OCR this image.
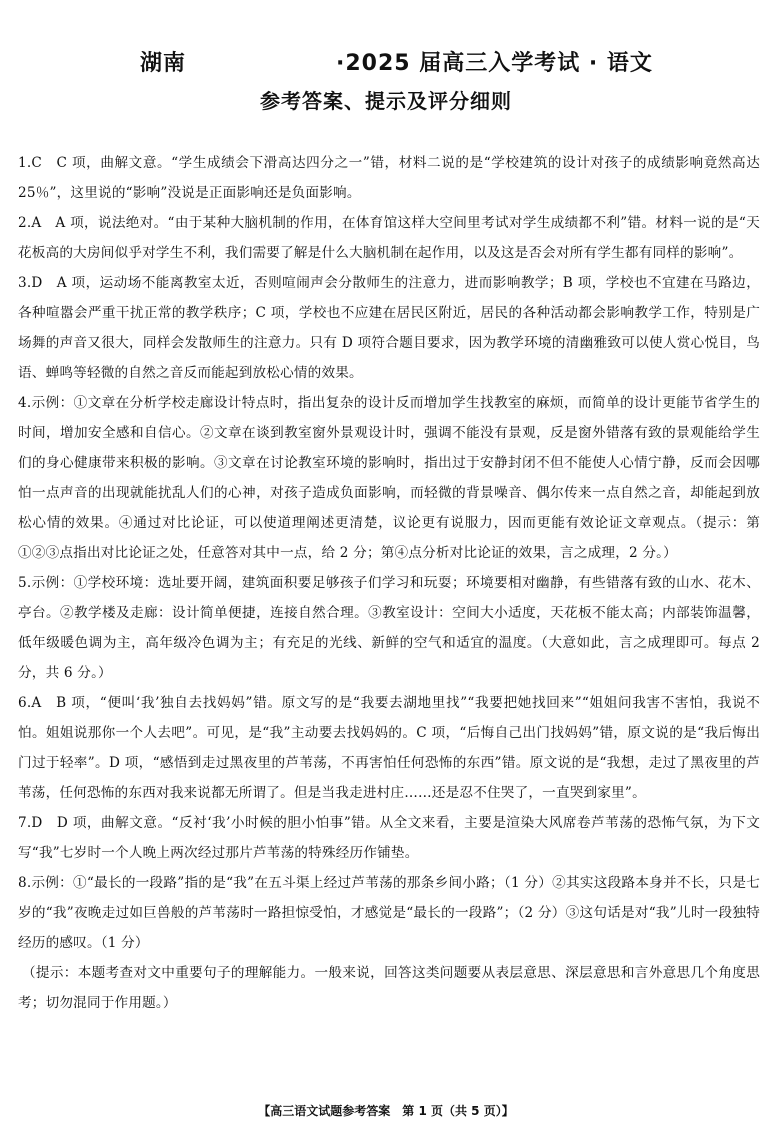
湖南	·2025 届高三入学考试 · 语文
参考答案、提示及评分细则
1.C　C 项，曲解文意。“学生成绩会下滑高达四分之一”错，材料二说的是“学校建筑的设计对孩子的成绩影响竟然高达 25％”，这里说的“影响”没说是正面影响还是负面影响。
2.A　A 项，说法绝对。“由于某种大脑机制的作用，在体育馆这样大空间里考试对学生成绩都不利”错。材料一说的是“天花板高的大房间似乎对学生不利，我们需要了解是什么大脑机制在起作用，以及这是否会对所有学生都有同样的影响”。
3.D　A 项，运动场不能离教室太近，否则喧闹声会分散师生的注意力，进而影响教学；B 项，学校也不宜建在马路边，各种喧嚣会严重干扰正常的教学秩序；C 项，学校也不应建在居民区附近，居民的各种活动都会影响教学工作，特别是广场舞的声音又很大，同样会发散师生的注意力。只有 D 项符合题目要求，因为教学环境的清幽雅致可以使人赏心悦目，鸟语、蝉鸣等轻微的自然之音反而能起到放松心情的效果。
4.示例：①文章在分析学校走廊设计特点时，指出复杂的设计反而增加学生找教室的麻烦，而简单的设计更能节省学生的时间，增加安全感和自信心。②文章在谈到教室窗外景观设计时，强调不能没有景观，反是窗外错落有致的景观能给学生们的身心健康带来积极的影响。③文章在讨论教室环境的影响时，指出过于安静封闭不但不能使人心情宁静，反而会因哪怕一点声音的出现就能扰乱人们的心神，对孩子造成负面影响，而轻微的背景噪音、偶尔传来一点自然之音，却能起到放松心情的效果。④通过对比论证，可以使道理阐述更清楚，议论更有说服力，因而更能有效论证文章观点。（提示：第①②③点指出对比论证之处，任意答对其中一点，给 2 分；第④点分析对比论证的效果，言之成理，2 分。）
5.示例：①学校环境：选址要开阔，建筑面积要足够孩子们学习和玩耍；环境要相对幽静，有些错落有致的山水、花木、亭台。②教学楼及走廊：设计简单便捷，连接自然合理。③教室设计：空间大小适度，天花板不能太高；内部装饰温馨，低年级暖色调为主，高年级冷色调为主；有充足的光线、新鲜的空气和适宜的温度。（大意如此，言之成理即可。每点 2 分，共 6 分。）
6.A　B 项，“便叫‘我’独自去找妈妈”错。原文写的是“我要去湖地里找”“我要把她找回来”“姐姐问我害不害怕，我说不怕。姐姐说那你一个人去吧”。可见，是“我”主动要去找妈妈的。C 项，“后悔自己出门找妈妈”错，原文说的是“我后悔出门过于轻率”。D 项，“感悟到走过黑夜里的芦苇荡，不再害怕任何恐怖的东西”错。原文说的是“我想，走过了黑夜里的芦苇荡，任何恐怖的东西对我来说都无所谓了。但是当我走进村庄……还是忍不住哭了，一直哭到家里”。
7.D　D 项，曲解文意。“反衬‘我’小时候的胆小怕事”错。从全文来看，主要是渲染大风席卷芦苇荡的恐怖气氛，为下文写“我”七岁时一个人晚上两次经过那片芦苇荡的特殊经历作铺垫。
8.示例：①“最长的一段路”指的是“我”在五斗渠上经过芦苇荡的那条乡间小路；（1 分）②其实这段路本身并不长，只是七岁的“我”夜晚走过如巨兽般的芦苇荡时一路担惊受怕，才感觉是“最长的一段路”；（2 分）③这句话是对“我”儿时一段独特经历的感叹。（1 分）
（提示：本题考查对文中重要句子的理解能力。一般来说，回答这类问题要从表层意思、深层意思和言外意思几个角度思考；切勿混同于作用题。）
【高三语文试题参考答案　第 1 页（共 5 页）】
